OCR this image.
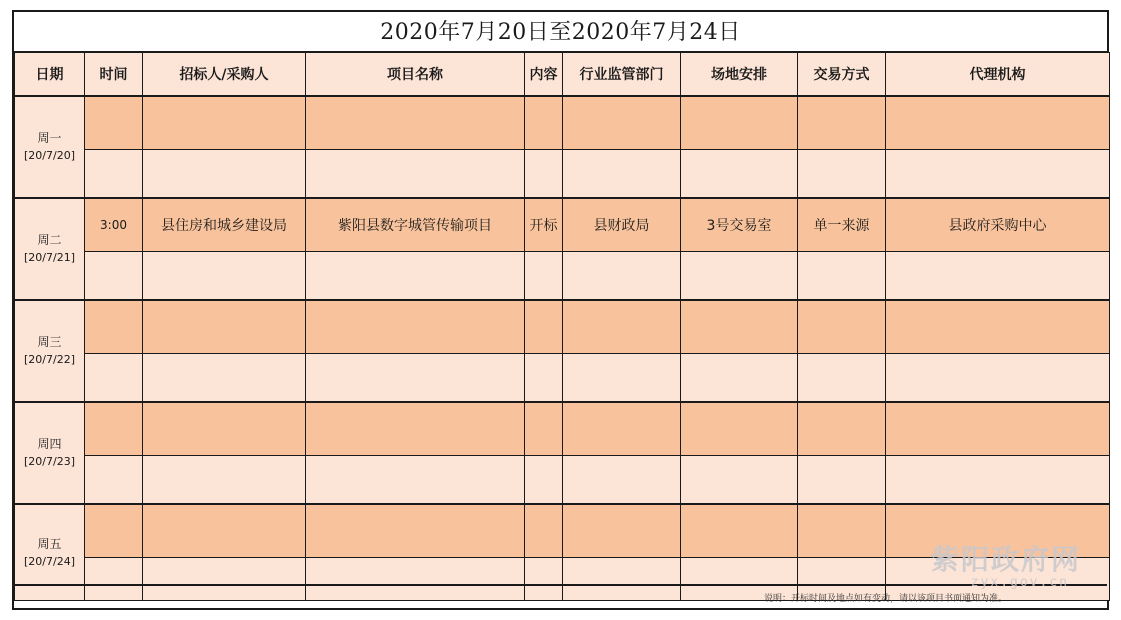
2020年7月20日至2020年7月24日
日期	时间	招标人/采购人	项目名称	内容	行业监管部门	场地安排	交易方式	代理机构

周一
[20/7/20]								

周二
[20/7/21]	3:00	县住房和城乡建设局	紫阳县数字城管传输项目	开标	县财政局	3号交易室	单一来源	县政府采购中心

周三
[20/7/22]								

周四
[20/7/23]								

周五
[20/7/24]								

说明：开标时间及地点如有变动，请以该项目书面通知为准。
紫阳政府网
zyx.gov.cn
